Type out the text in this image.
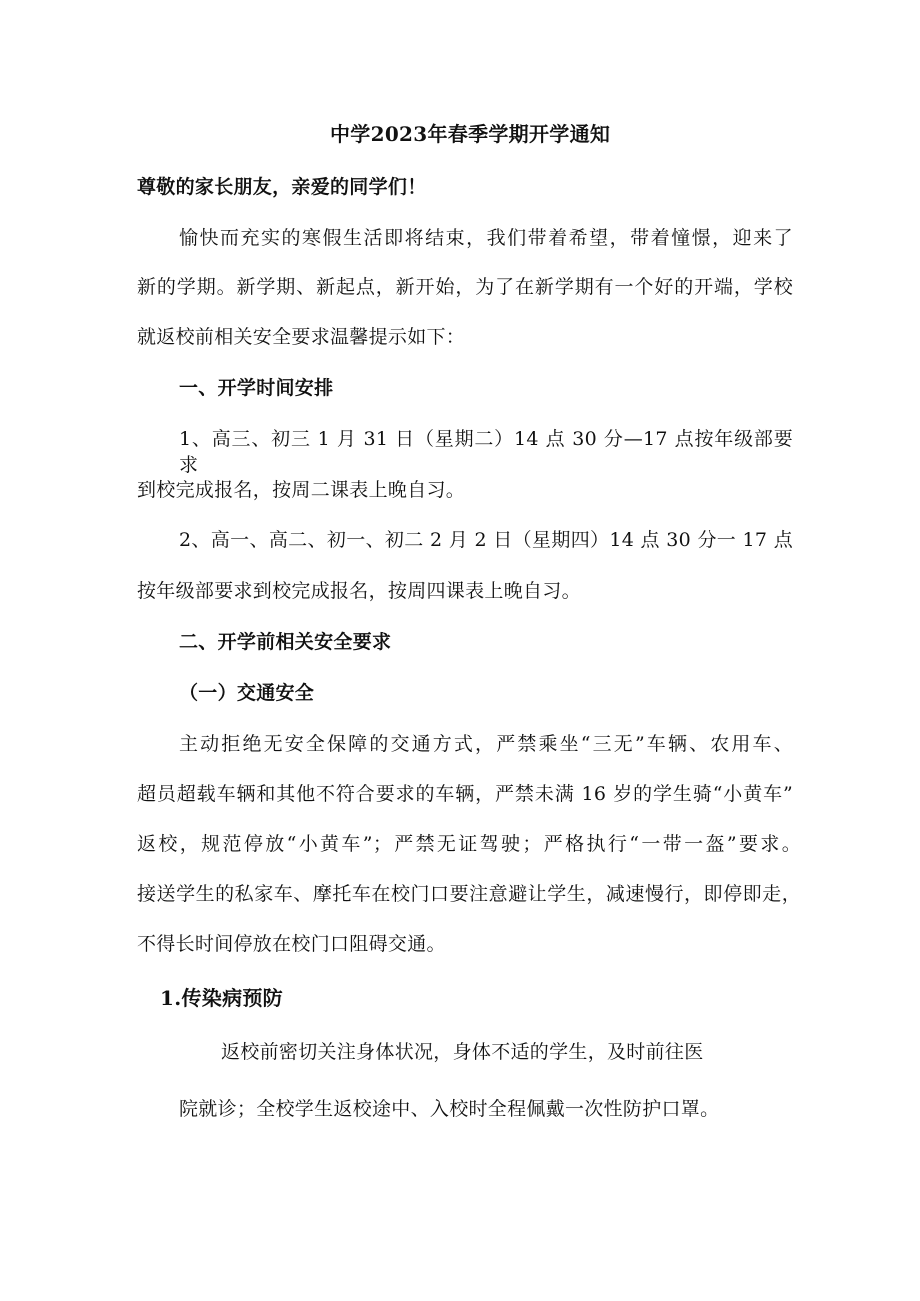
中学2023年春季学期开学通知
尊敬的家长朋友，亲爱的同学们！
愉快而充实的寒假生活即将结束，我们带着希望，带着憧憬，迎来了
新的学期。新学期、新起点，新开始，为了在新学期有一个好的开端，学校
就返校前相关安全要求温馨提示如下：
一、开学时间安排
1、高三、初三 1 月 31 日（星期二）14 点 30 分—17 点按年级部要求
到校完成报名，按周二课表上晚自习。
2、高一、高二、初一、初二 2 月 2 日（星期四）14 点 30 分一 17 点
按年级部要求到校完成报名，按周四课表上晚自习。
二、开学前相关安全要求
（一）交通安全
主动拒绝无安全保障的交通方式，严禁乘坐“三无”车辆、农用车、
超员超载车辆和其他不符合要求的车辆，严禁未满 16 岁的学生骑“小黄车”
返校，规范停放“小黄车”；严禁无证驾驶；严格执行“一带一盔”要求。
接送学生的私家车、摩托车在校门口要注意避让学生，减速慢行，即停即走，
不得长时间停放在校门口阻碍交通。
1.传染病预防
返校前密切关注身体状况，身体不适的学生，及时前往医
院就诊；全校学生返校途中、入校时全程佩戴一次性防护口罩。
